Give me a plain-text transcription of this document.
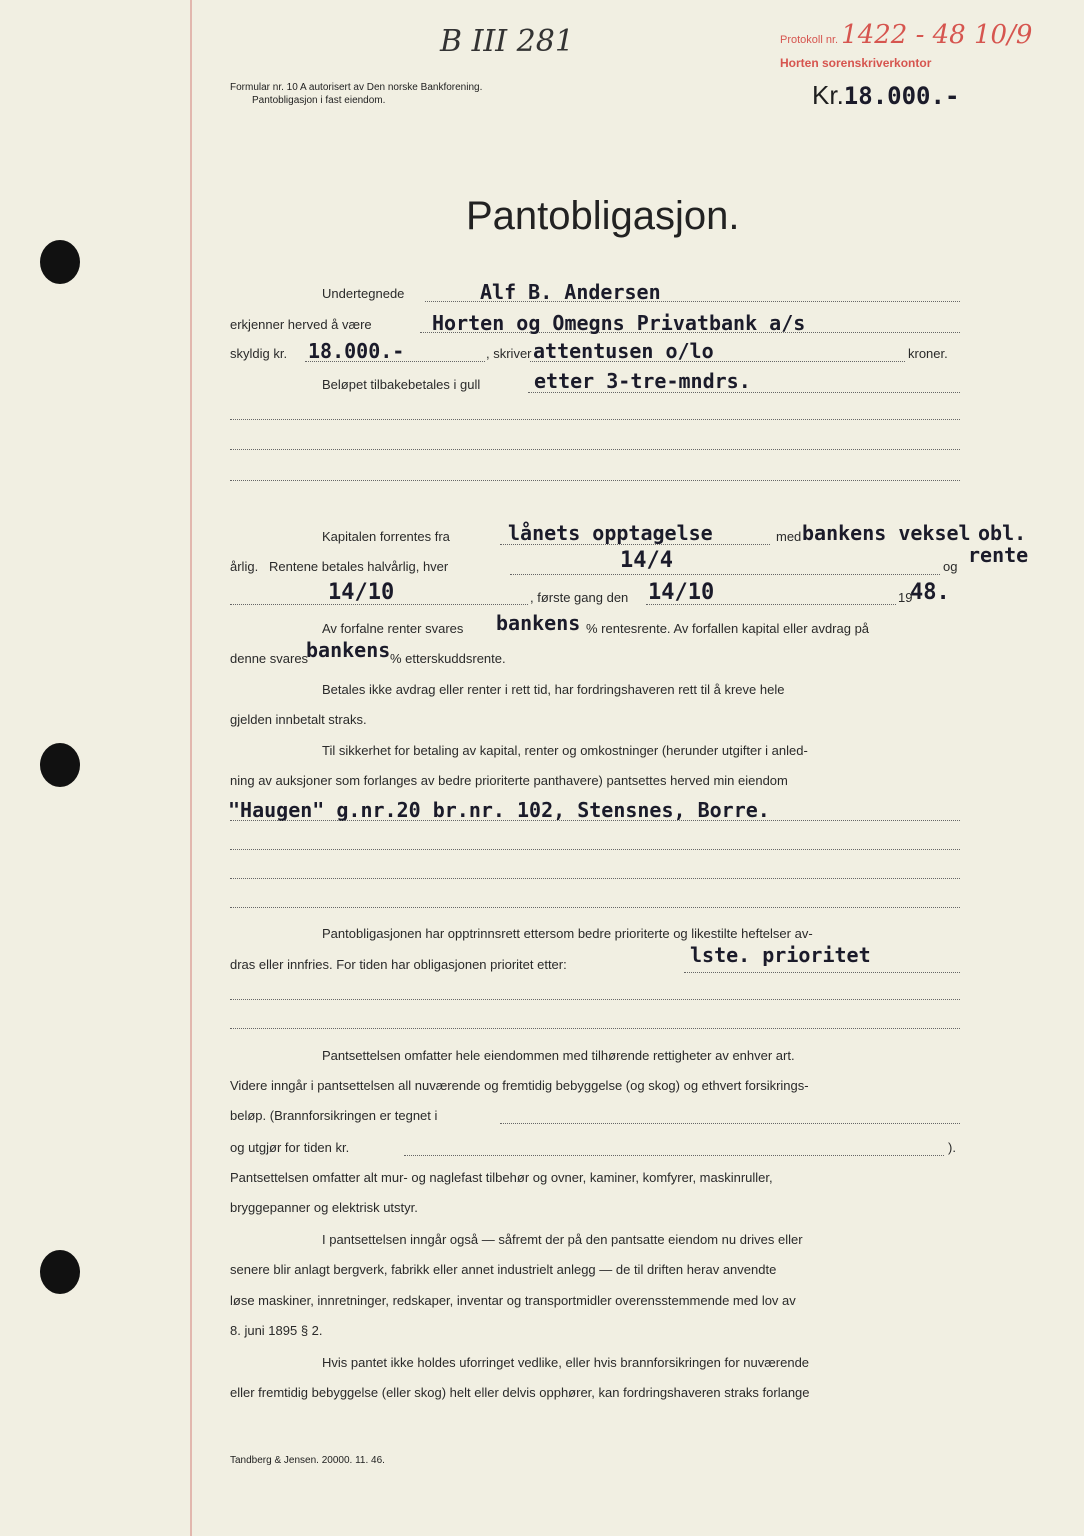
B III 281	Protokoll nr. 1422 - 48 10/9
Horten sorenskriverkontor
Formular nr. 10 A autorisert av Den norske Bankforening.
Pantobligasjon i fast eiendom.	Kr.18.000.-
Pantobligasjon.
Undertegnede	Alf B. Andersen
erkjenner herved å være	Horten og Omegns Privatbank a/s
skyldig kr. 18.000.-	, skriver attentusen o/lo	kroner.
Beløpet tilbakebetales i gull	etter 3-tre-mndrs.
Kapitalen forrentes fra	lånets opptagelse	med bankens veksel obl.
rente
årlig.   Rentene betales halvårlig, hver	14/4	og
14/10	, første gang den 14/10	19
48.
Av forfalne renter svares bankens % rentesrente. Av forfallen kapital eller avdrag på
denne svares
bankens % etterskuddsrente.
Betales ikke avdrag eller renter i rett tid, har fordringshaveren rett til å kreve hele
gjelden innbetalt straks.
Til sikkerhet for betaling av kapital, renter og omkostninger (herunder utgifter i anled-
ning av auksjoner som forlanges av bedre prioriterte panthavere) pantsettes herved min eiendom
"Haugen" g.nr.20 br.nr. 102, Stensnes, Borre.
Pantobligasjonen har opptrinnsrett ettersom bedre prioriterte og likestilte heftelser av-
dras eller innfries. For tiden har obligasjonen prioritet etter:	lste. prioritet
Pantsettelsen omfatter hele eiendommen med tilhørende rettigheter av enhver art.
Videre inngår i pantsettelsen all nuværende og fremtidig bebyggelse (og skog) og ethvert forsikrings-
beløp. (Brannforsikringen er tegnet i
og utgjør for tiden kr.	).
Pantsettelsen omfatter alt mur- og naglefast tilbehør og ovner, kaminer, komfyrer, maskinruller,
bryggepanner og elektrisk utstyr.
I pantsettelsen inngår også — såfremt der på den pantsatte eiendom nu drives eller
senere blir anlagt bergverk, fabrikk eller annet industrielt anlegg — de til driften herav anvendte
løse maskiner, innretninger, redskaper, inventar og transportmidler overensstemmende med lov av
8. juni 1895 § 2.
Hvis pantet ikke holdes uforringet vedlike, eller hvis brannforsikringen for nuværende
eller fremtidig bebyggelse (eller skog) helt eller delvis opphører, kan fordringshaveren straks forlange
Tandberg & Jensen. 20000. 11. 46.
